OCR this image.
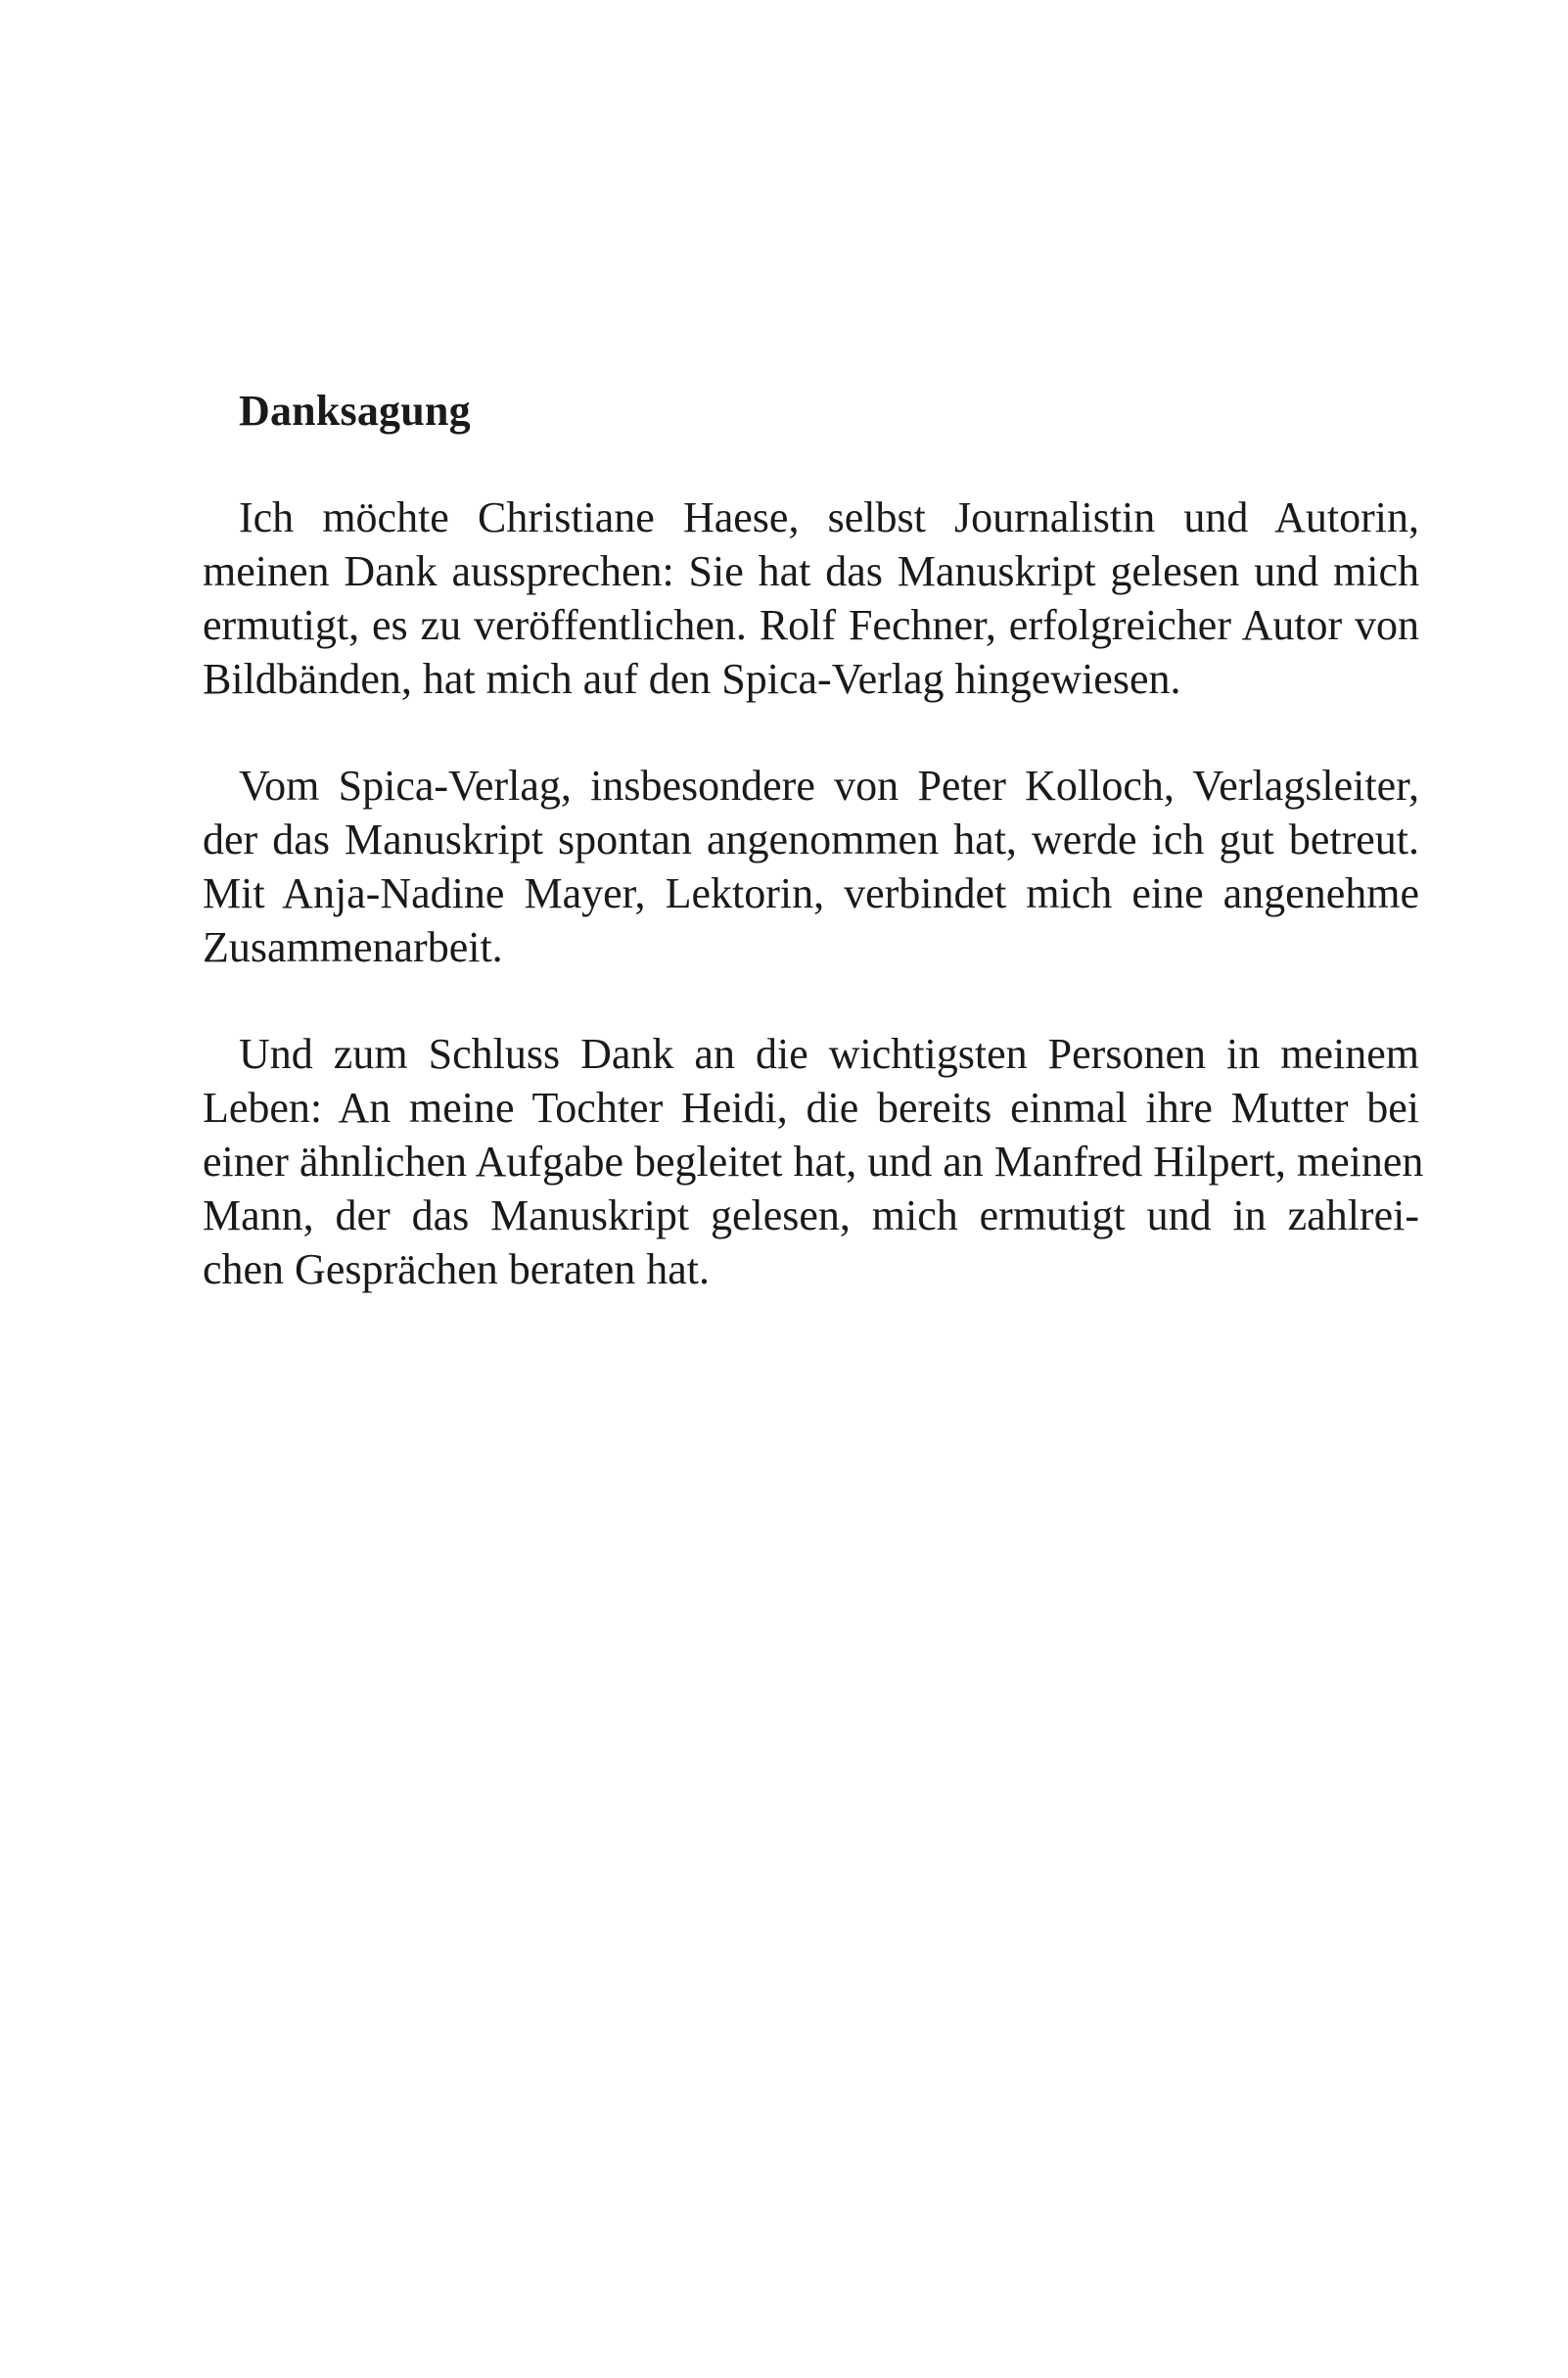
Danksagung
Ich möchte Christiane Haese, selbst Journalistin und Autorin,
meinen Dank aussprechen: Sie hat das Manuskript gelesen und mich
ermutigt, es zu veröffentlichen. Rolf Fechner, erfolgreicher Autor von
Bildbänden, hat mich auf den Spica-Verlag hingewiesen.
Vom Spica-Verlag, insbesondere von Peter Kolloch, Verlagsleiter,
der das Manuskript spontan angenommen hat, werde ich gut betreut.
Mit Anja-Nadine Mayer, Lektorin, verbindet mich eine angenehme
Zusammenarbeit.
Und zum Schluss Dank an die wichtigsten Personen in meinem
Leben: An meine Tochter Heidi, die bereits einmal ihre Mutter bei
einer ähnlichen Aufgabe begleitet hat, und an Manfred Hilpert, meinen
Mann, der das Manuskript gelesen, mich ermutigt und in zahlrei-
chen Gesprächen beraten hat.
